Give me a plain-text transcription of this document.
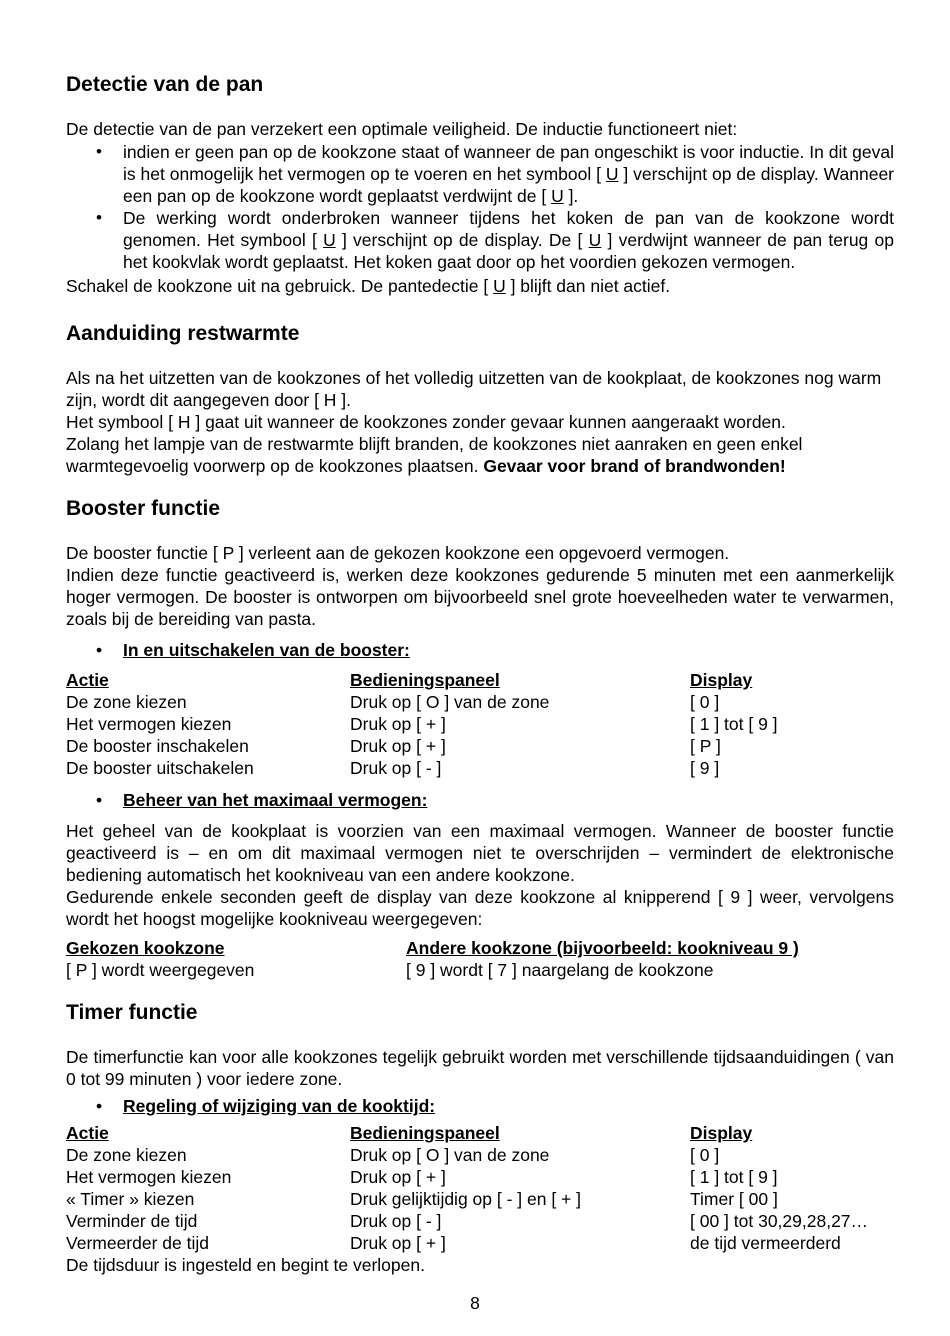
Detectie van de pan

De detectie van de pan verzekert een optimale veiligheid. De inductie functioneert niet:

• indien er geen pan op de kookzone staat of wanneer de pan ongeschikt is voor inductie. In dit geval is het onmogelijk het vermogen op te voeren en het symbool [ U ] verschijnt op de display. Wanneer een pan op de kookzone wordt geplaatst verdwijnt de [ U ].
• De werking wordt onderbroken wanneer tijdens het koken de pan van de kookzone wordt genomen. Het symbool [ U ] verschijnt op de display. De [ U ] verdwijnt wanneer de pan terug op het kookvlak wordt geplaatst. Het koken gaat door op het voordien gekozen vermogen.

Schakel de kookzone uit na gebruick. De pantedectie [ U ] blijft dan niet actief.

Aanduiding restwarmte

Als na het uitzetten van de kookzones of het volledig uitzetten van de kookplaat, de kookzones nog warm zijn, wordt dit aangegeven door [ H ].

Het symbool [ H ] gaat uit wanneer de kookzones zonder gevaar kunnen aangeraakt worden.

Zolang het lampje van de restwarmte blijft branden, de kookzones niet aanraken en geen enkel warmtegevoelig voorwerp op de kookzones plaatsen. Gevaar voor brand of brandwonden!

Booster functie

De booster functie [ P ] verleent aan de gekozen kookzone een opgevoerd vermogen.

Indien deze functie geactiveerd is, werken deze kookzones gedurende 5 minuten met een aanmerkelijk hoger vermogen. De booster is ontworpen om bijvoorbeeld snel grote hoeveelheden water te verwarmen, zoals bij de bereiding van pasta.

• In en uitschakelen van de booster:
Actie	Bedieningspaneel	Display
De zone kiezen	Druk op [ O ] van de zone	[ 0 ]
Het vermogen kiezen	Druk op [ + ]	[ 1 ] tot [ 9 ]
De booster inschakelen	Druk op [ + ]	[ P ]
De booster uitschakelen	Druk op [ - ]	[ 9 ]
• Beheer van het maximaal vermogen:

Het geheel van de kookplaat is voorzien van een maximaal vermogen. Wanneer de booster functie geactiveerd is – en om dit maximaal vermogen niet te overschrijden – vermindert de elektronische bediening automatisch het kookniveau van een andere kookzone.

Gedurende enkele seconden geeft de display van deze kookzone al knipperend [ 9 ] weer, vervolgens wordt het hoogst mogelijke kookniveau weergegeven:

Gekozen kookzone	Andere kookzone (bijvoorbeeld: kookniveau 9 )
[ P ] wordt weergegeven	[ 9 ] wordt [ 7 ] naargelang de kookzone
Timer functie

De timerfunctie kan voor alle kookzones tegelijk gebruikt worden met verschillende tijdsaanduidingen ( van 0 tot 99 minuten ) voor iedere zone.

• Regeling of wijziging van de kooktijd:
Actie	Bedieningspaneel	Display
De zone kiezen	Druk op [ O ] van de zone	[ 0 ]
Het vermogen kiezen	Druk op [ + ]	[ 1 ] tot [ 9 ]
« Timer » kiezen	Druk gelijktijdig op [ - ] en [ + ]	Timer [ 00 ]
Verminder de tijd	Druk op [ - ]	[ 00 ] tot 30,29,28,27…
Vermeerder de tijd	Druk op [ + ]	de tijd vermeerderd

De tijdsduur is ingesteld en begint te verlopen.

8
